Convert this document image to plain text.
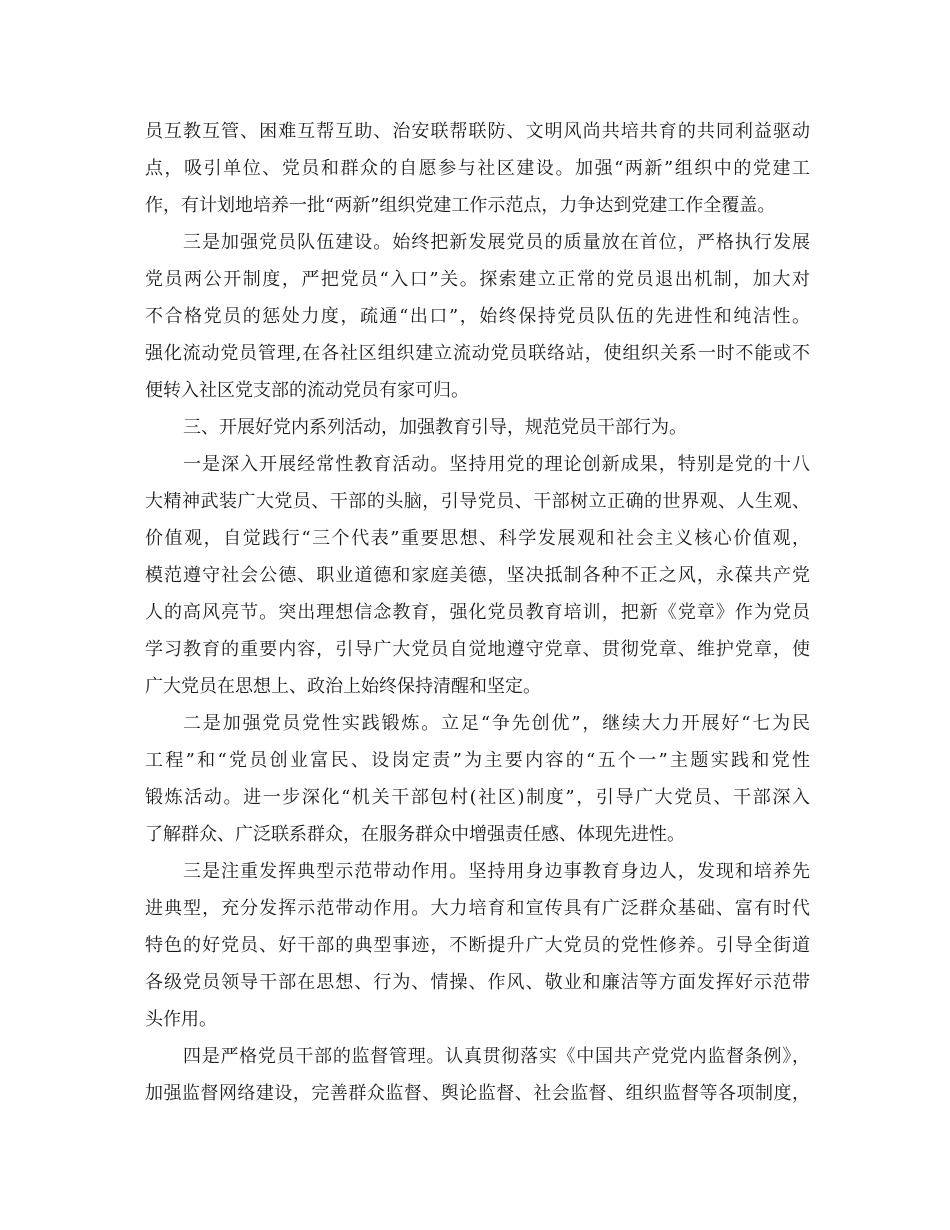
员互教互管、困难互帮互助、治安联帮联防、文明风尚共培共育的共同利益驱动
点，吸引单位、党员和群众的自愿参与社区建设。加强“两新”组织中的党建工
作，有计划地培养一批“两新”组织党建工作示范点，力争达到党建工作全覆盖。
三是加强党员队伍建设。始终把新发展党员的质量放在首位，严格执行发展
党员两公开制度，严把党员“入口”关。探索建立正常的党员退出机制，加大对
不合格党员的惩处力度，疏通“出口”，始终保持党员队伍的先进性和纯洁性。
强化流动党员管理,在各社区组织建立流动党员联络站，使组织关系一时不能或不
便转入社区党支部的流动党员有家可归。
三、开展好党内系列活动，加强教育引导，规范党员干部行为。
一是深入开展经常性教育活动。坚持用党的理论创新成果，特别是党的十八
大精神武装广大党员、干部的头脑，引导党员、干部树立正确的世界观、人生观、
价值观，自觉践行“三个代表”重要思想、科学发展观和社会主义核心价值观，
模范遵守社会公德、职业道德和家庭美德，坚决抵制各种不正之风，永葆共产党
人的高风亮节。突出理想信念教育，强化党员教育培训，把新《党章》作为党员
学习教育的重要内容，引导广大党员自觉地遵守党章、贯彻党章、维护党章，使
广大党员在思想上、政治上始终保持清醒和坚定。
二是加强党员党性实践锻炼。立足“争先创优”，继续大力开展好“七为民
工程”和“党员创业富民、设岗定责”为主要内容的“五个一”主题实践和党性
锻炼活动。进一步深化“机关干部包村(社区)制度”，引导广大党员、干部深入
了解群众、广泛联系群众，在服务群众中增强责任感、体现先进性。
三是注重发挥典型示范带动作用。坚持用身边事教育身边人，发现和培养先
进典型，充分发挥示范带动作用。大力培育和宣传具有广泛群众基础、富有时代
特色的好党员、好干部的典型事迹，不断提升广大党员的党性修养。引导全街道
各级党员领导干部在思想、行为、情操、作风、敬业和廉洁等方面发挥好示范带
头作用。
四是严格党员干部的监督管理。认真贯彻落实《中国共产党党内监督条例》，
加强监督网络建设，完善群众监督、舆论监督、社会监督、组织监督等各项制度，
